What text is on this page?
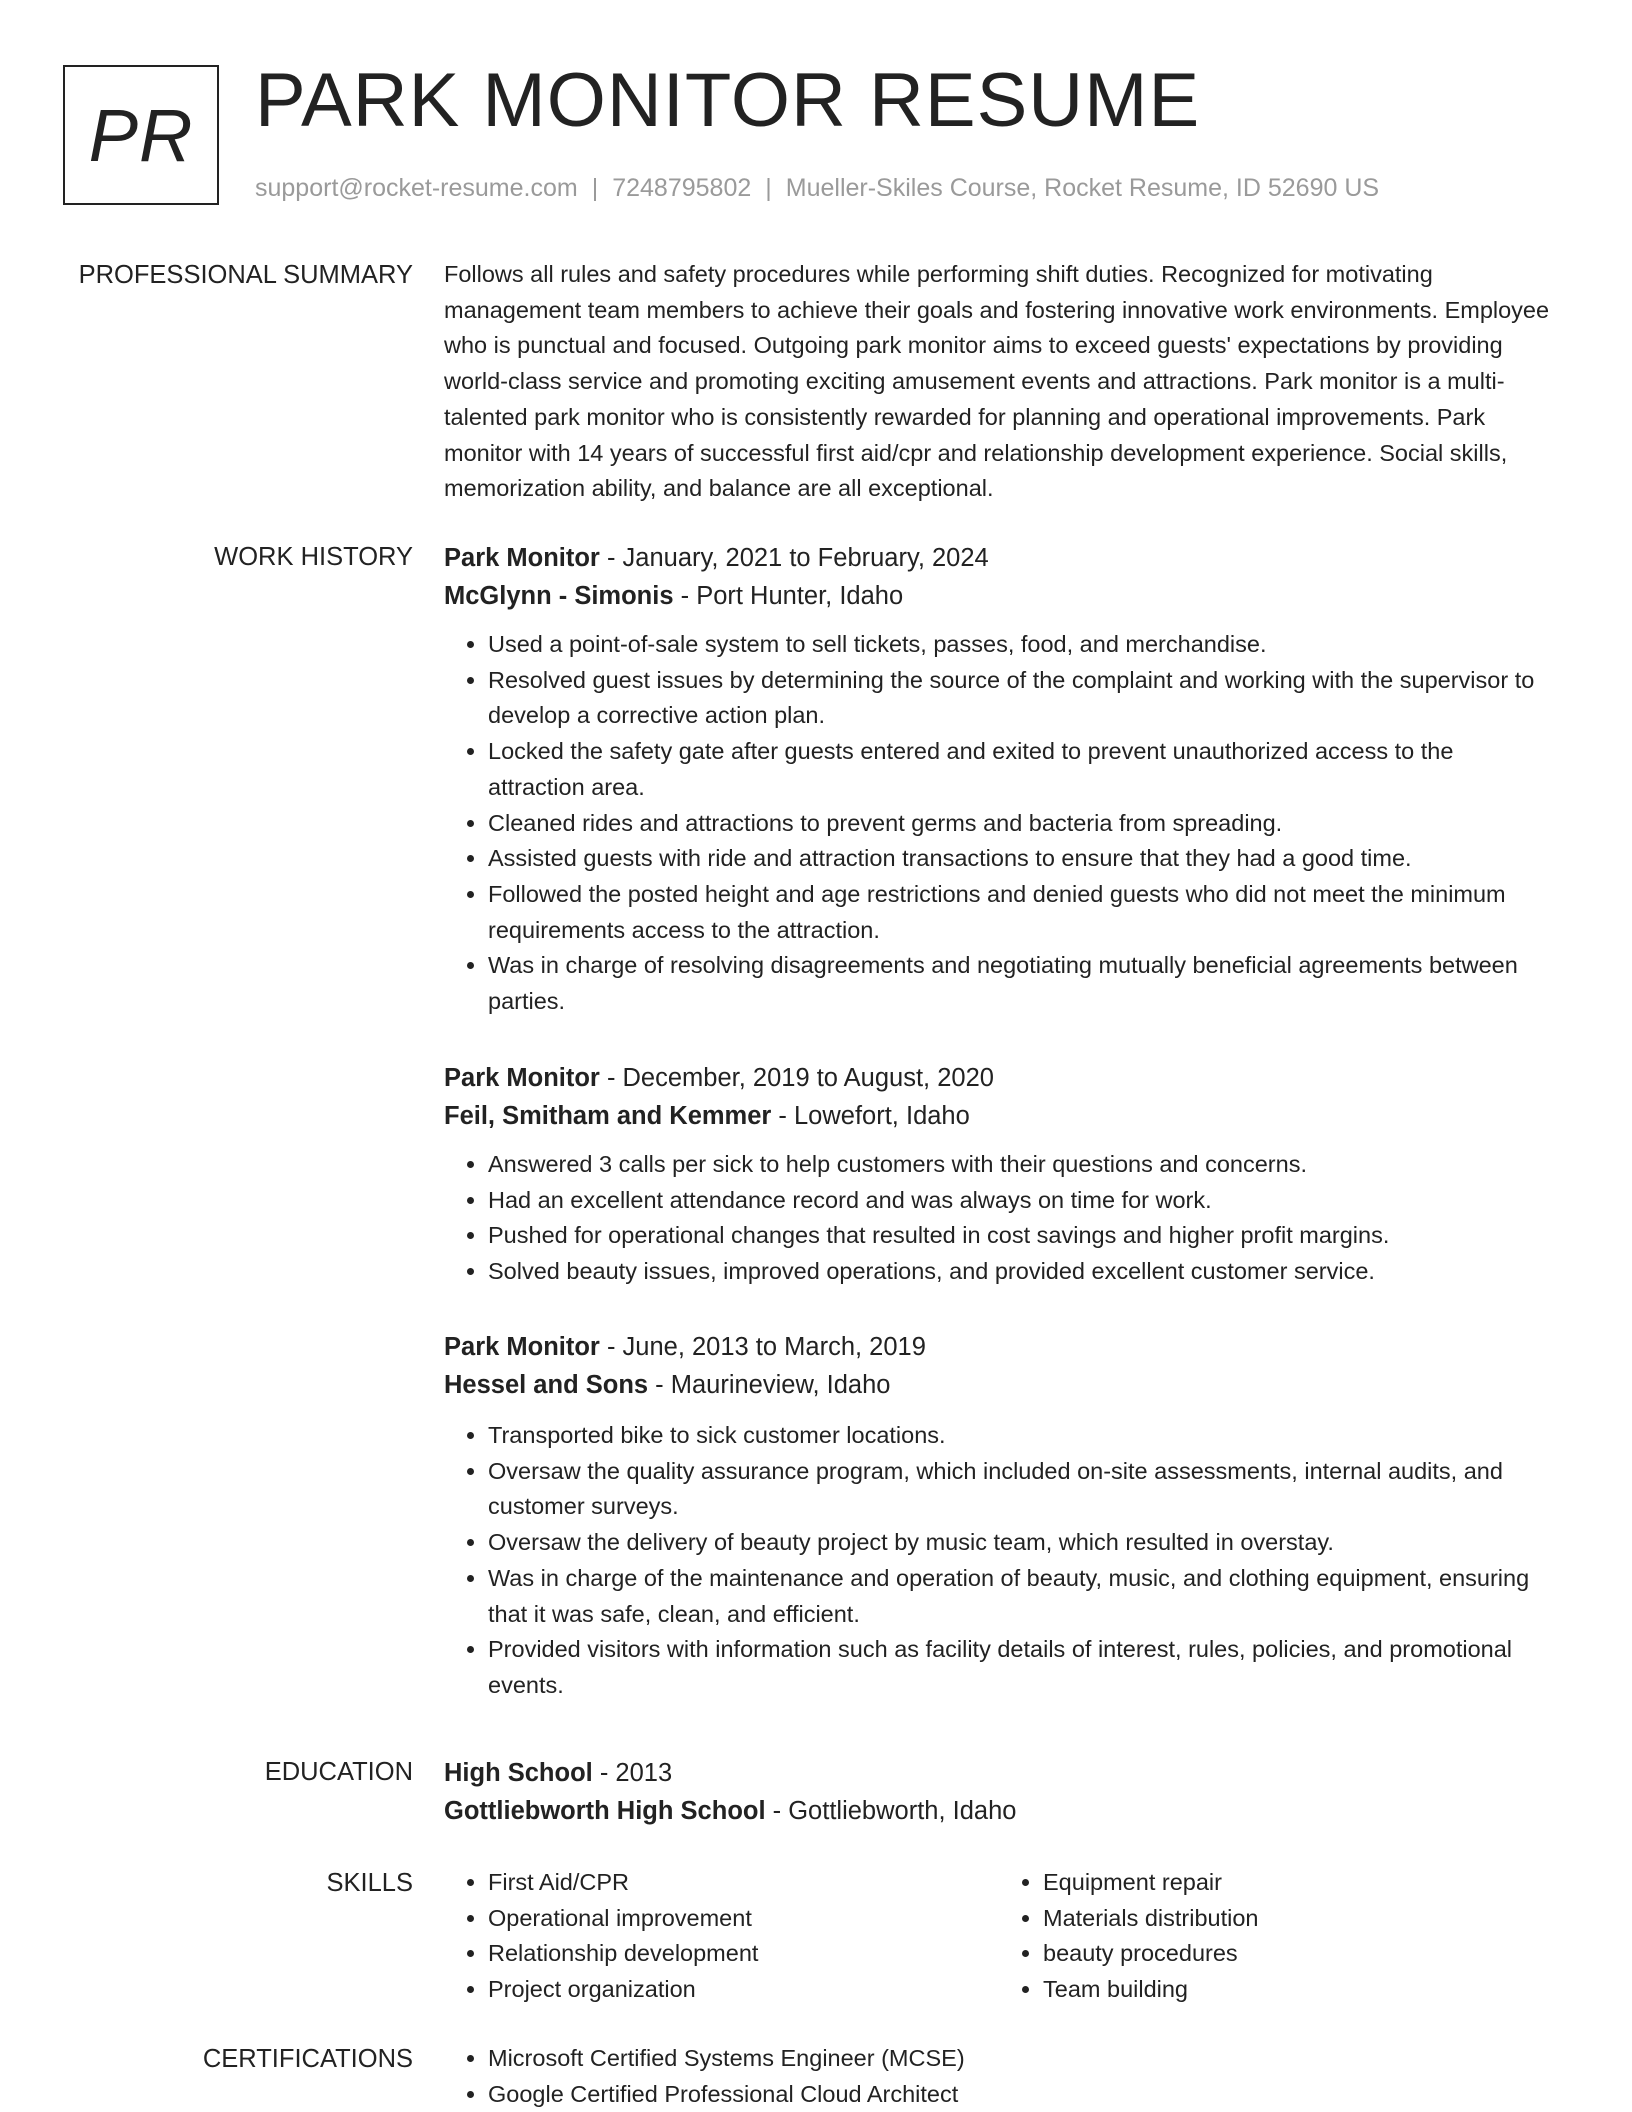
PR PARK MONITOR RESUME
support@rocket-resume.com | 7248795802 | Mueller-Skiles Course, Rocket Resume, ID 52690 US
PROFESSIONAL SUMMARY Follows all rules and safety procedures while performing shift duties. Recognized for motivating management team members to achieve their goals and fostering innovative work environments. Employee who is punctual and focused. Outgoing park monitor aims to exceed guests' expectations by providing world-class service and promoting exciting amusement events and attractions. Park monitor is a multi-talented park monitor who is consistently rewarded for planning and operational improvements. Park monitor with 14 years of successful first aid/cpr and relationship development experience. Social skills, memorization ability, and balance are all exceptional.

WORK HISTORY Park Monitor - January, 2021 to February, 2024

McGlynn - Simonis - Port Hunter, Idaho

• Used a point-of-sale system to sell tickets, passes, food, and merchandise.
• Resolved guest issues by determining the source of the complaint and working with the supervisor to develop a corrective action plan.
• Locked the safety gate after guests entered and exited to prevent unauthorized access to the attraction area.
• Cleaned rides and attractions to prevent germs and bacteria from spreading.
• Assisted guests with ride and attraction transactions to ensure that they had a good time.
• Followed the posted height and age restrictions and denied guests who did not meet the minimum requirements access to the attraction.
• Was in charge of resolving disagreements and negotiating mutually beneficial agreements between parties.

Park Monitor - December, 2019 to August, 2020

Feil, Smitham and Kemmer - Lowefort, Idaho

• Answered 3 calls per sick to help customers with their questions and concerns.
• Had an excellent attendance record and was always on time for work.
• Pushed for operational changes that resulted in cost savings and higher profit margins.
• Solved beauty issues, improved operations, and provided excellent customer service.

Park Monitor - June, 2013 to March, 2019

Hessel and Sons - Maurineview, Idaho

• Transported bike to sick customer locations.
• Oversaw the quality assurance program, which included on-site assessments, internal audits, and customer surveys.
• Oversaw the delivery of beauty project by music team, which resulted in overstay.
• Was in charge of the maintenance and operation of beauty, music, and clothing equipment, ensuring that it was safe, clean, and efficient.
• Provided visitors with information such as facility details of interest, rules, policies, and promotional events.
EDUCATION High School - 2013

Gottliebworth High School - Gottliebworth, Idaho

SKILLS	• First Aid/CPR
• Operational improvement
• Relationship development
• Project organization
• Equipment repair
• Materials distribution
• beauty procedures
• Team building
CERTIFICATIONS	• Microsoft Certified Systems Engineer (MCSE)
• Google Certified Professional Cloud Architect
